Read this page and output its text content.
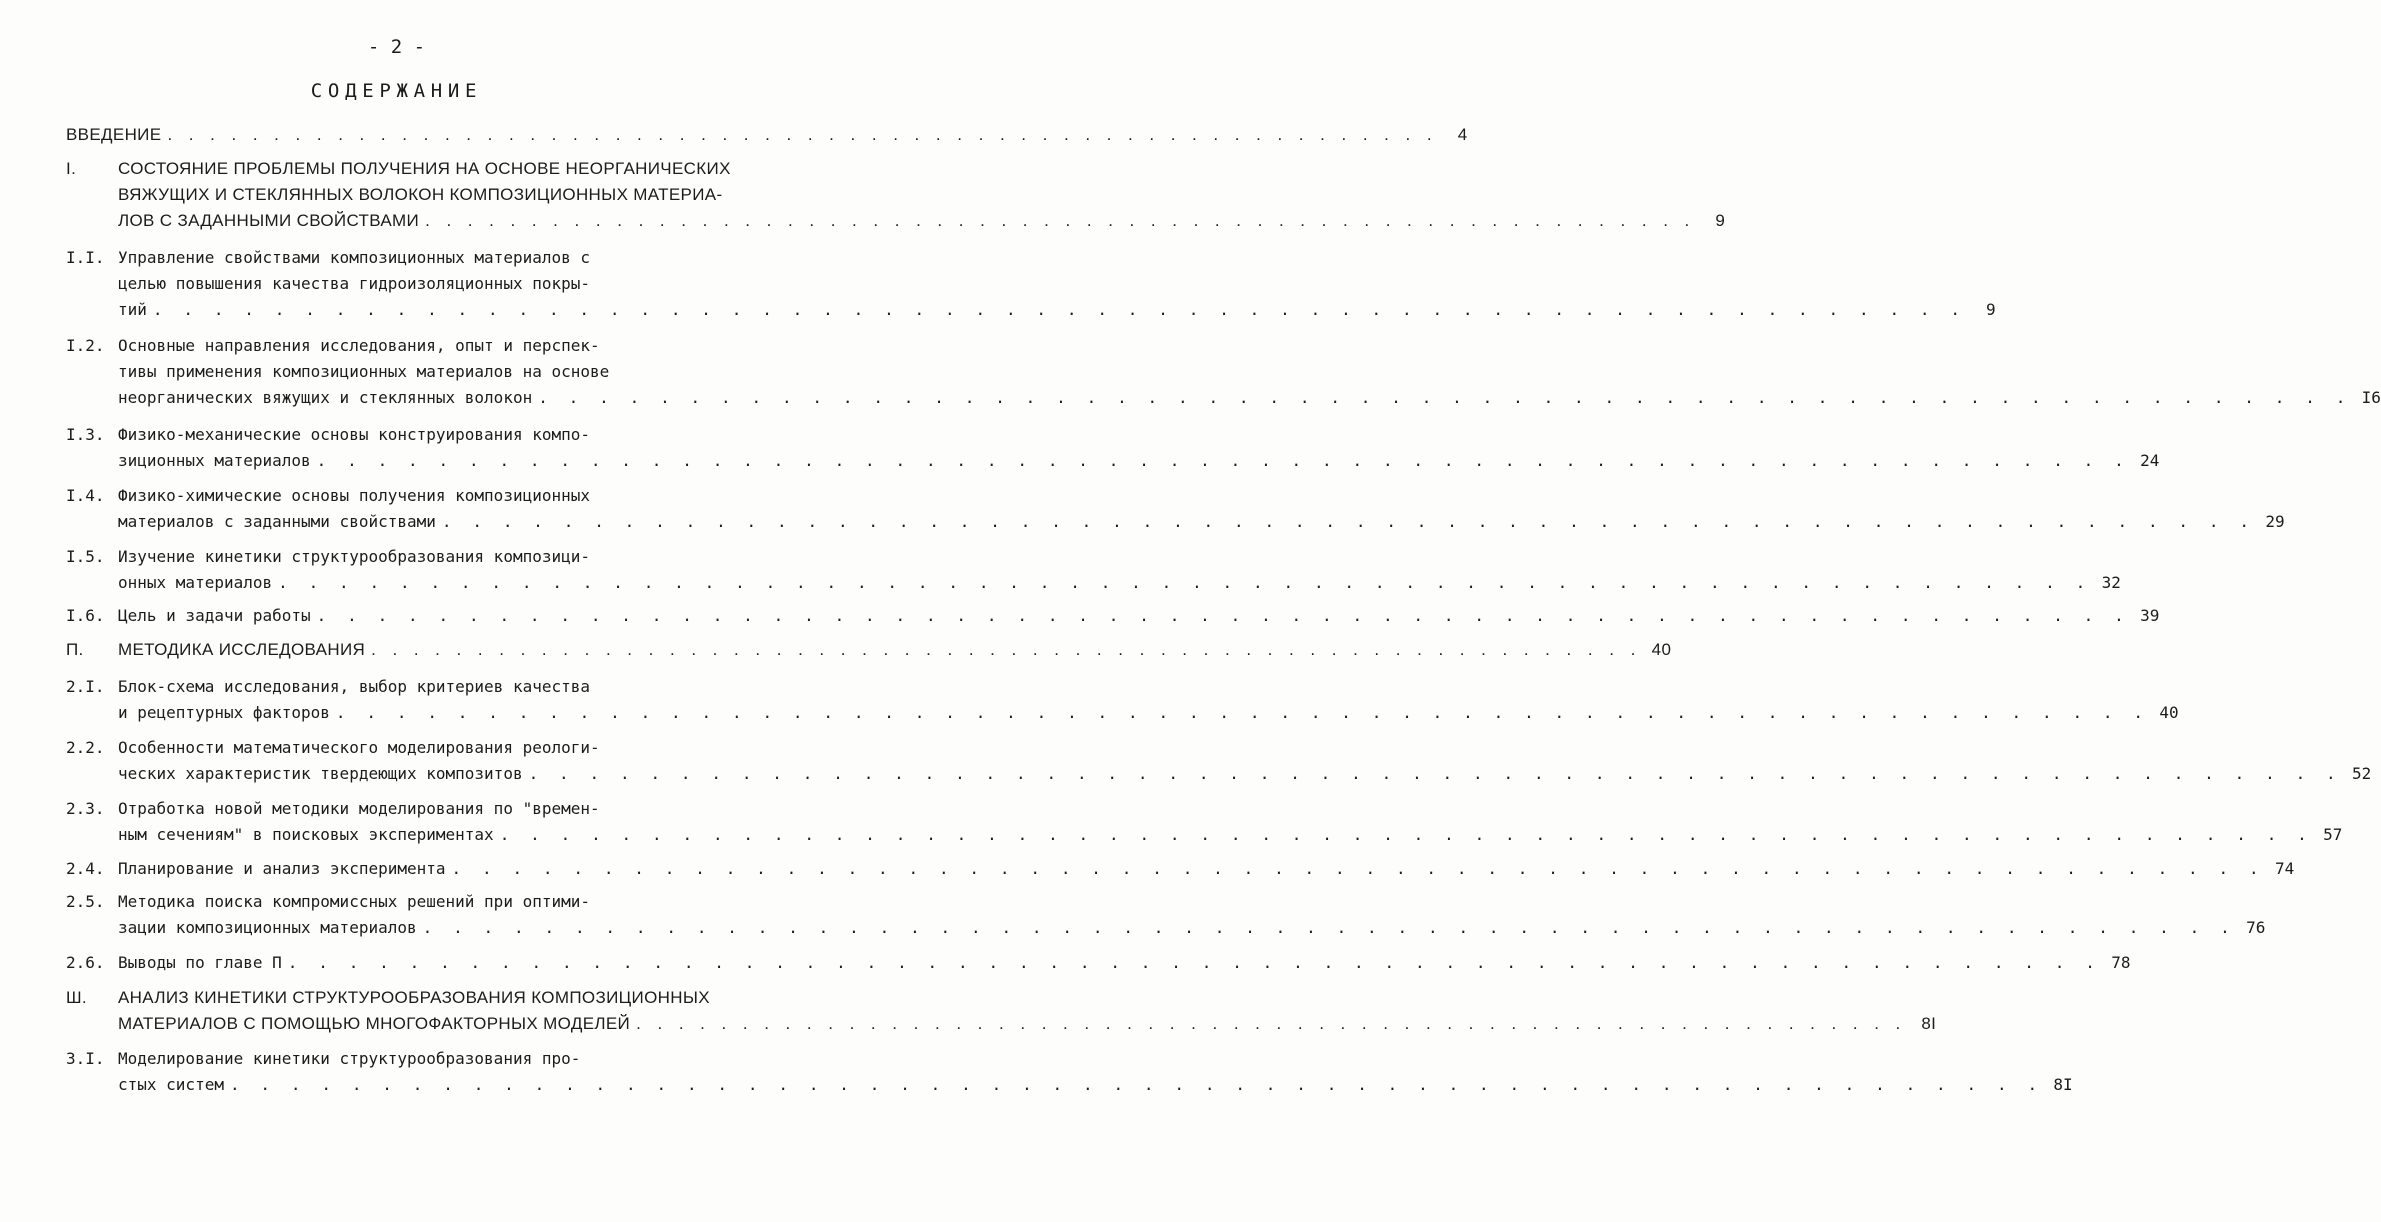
- 2 -
СОДЕРЖАНИЕ
ВВЕДЕНИЕ . . . . . . . . . . . . . . . . . . . . . . . . . . . . . . . . . . . . . . . . . . . . . . . . . . . . . . . . . . . .	4
I. СОСТОЯНИЕ ПРОБЛЕМЫ ПОЛУЧЕНИЯ НА ОСНОВЕ НЕОРГАНИЧЕСКИХ
ВЯЖУЩИХ И СТЕКЛЯННЫХ ВОЛОКОН КОМПОЗИЦИОННЫХ МАТЕРИА-
ЛОВ С ЗАДАННЫМИ СВОЙСТВАМИ . . . . . . . . . . . . . . . . . . . . . . . . . . . . . . . . . . . . . . . . . . . . . . . . . . . . . . . . . . . .	9
I.I. Управление свойствами композиционных материалов с
целью повышения качества гидроизоляционных покры-
тий . . . . . . . . . . . . . . . . . . . . . . . . . . . . . . . . . . . . . . . . . . . . . . . . . . . . . . . . . . . .	9
I.2. Основные направления исследования, опыт и перспек-
тивы применения композиционных материалов на основе
неорганических вяжущих и стеклянных волокон . . . . . . . . . . . . . . . . . . . . . . . . . . . . . . . . . . . . . . . . . . . . . . . . . . . . . . . . . . . . I6
I.3. Физико-механические основы конструирования компо-
зиционных материалов . . . . . . . . . . . . . . . . . . . . . . . . . . . . . . . . . . . . . . . . . . . . . . . . . . . . . . . . . . . . 24
I.4. Физико-химические основы получения композиционных
материалов с заданными свойствами . . . . . . . . . . . . . . . . . . . . . . . . . . . . . . . . . . . . . . . . . . . . . . . . . . . . . . . . . . . . 29
I.5. Изучение кинетики структурообразования композици-
онных материалов . . . . . . . . . . . . . . . . . . . . . . . . . . . . . . . . . . . . . . . . . . . . . . . . . . . . . . . . . . . . 32
I.6. Цель и задачи работы . . . . . . . . . . . . . . . . . . . . . . . . . . . . . . . . . . . . . . . . . . . . . . . . . . . . . . . . . . . . 39
П. МЕТОДИКА ИССЛЕДОВАНИЯ . . . . . . . . . . . . . . . . . . . . . . . . . . . . . . . . . . . . . . . . . . . . . . . . . . . . . . . . . . . . 40
2.I. Блок-схема исследования, выбор критериев качества
и рецептурных факторов . . . . . . . . . . . . . . . . . . . . . . . . . . . . . . . . . . . . . . . . . . . . . . . . . . . . . . . . . . . . 40
2.2. Особенности математического моделирования реологи-
ческих характеристик твердеющих композитов . . . . . . . . . . . . . . . . . . . . . . . . . . . . . . . . . . . . . . . . . . . . . . . . . . . . . . . . . . . . 52
2.3. Отработка новой методики моделирования по "времен-
ным сечениям" в поисковых экспериментах . . . . . . . . . . . . . . . . . . . . . . . . . . . . . . . . . . . . . . . . . . . . . . . . . . . . . . . . . . . . 57
2.4. Планирование и анализ эксперимента . . . . . . . . . . . . . . . . . . . . . . . . . . . . . . . . . . . . . . . . . . . . . . . . . . . . . . . . . . . . 74
2.5. Методика поиска компромиссных решений при оптими-
зации композиционных материалов . . . . . . . . . . . . . . . . . . . . . . . . . . . . . . . . . . . . . . . . . . . . . . . . . . . . . . . . . . . . 76
2.6. Выводы по главе П . . . . . . . . . . . . . . . . . . . . . . . . . . . . . . . . . . . . . . . . . . . . . . . . . . . . . . . . . . . . 78
Ш. АНАЛИЗ КИНЕТИКИ СТРУКТУРООБРАЗОВАНИЯ КОМПОЗИЦИОННЫХ
МАТЕРИАЛОВ С ПОМОЩЬЮ МНОГОФАКТОРНЫХ МОДЕЛЕЙ . . . . . . . . . . . . . . . . . . . . . . . . . . . . . . . . . . . . . . . . . . . . . . . . . . . . . . . . . . . . 8I
3.I. Моделирование кинетики структурообразования про-
стых систем . . . . . . . . . . . . . . . . . . . . . . . . . . . . . . . . . . . . . . . . . . . . . . . . . . . . . . . . . . . . 8I
